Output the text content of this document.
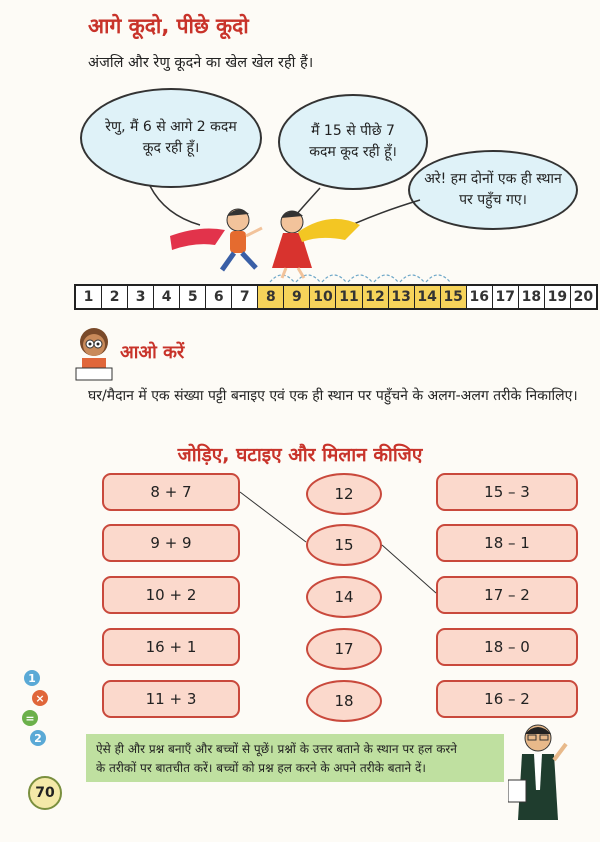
आगे कूदो, पीछे कूदो
अंजलि और रेणु कूदने का खेल खेल रही हैं।
रेणु, मैं 6 से आगे 2 कदम कूद रही हूँ।
मैं 15 से पीछे 7 कदम कूद रही हूँ।
अरे! हम दोनों एक ही स्थान पर पहुँच गए।
1	2	3	4	5	6	7	8	9 10 11 12 13 14 15 16 17 18 19 20
आओ करें
घर/मैदान में एक संख्या पट्टी बनाइए एवं एक ही स्थान पर पहुँचने के अलग-अलग तरीके निकालिए।
जोड़िए, घटाइए और मिलान कीजिए
8 + 7
9 + 9
10 + 2
16 + 1
11 + 3
12
15
14
17
18
15 – 3
18 – 1
17 – 2
18 – 0
16 – 2
1
×
=
2
ऐसे ही और प्रश्न बनाएँ और बच्चों से पूछें। प्रश्नों के उत्तर बताने के स्थान पर हल करने
के तरीकों पर बातचीत करें। बच्चों को प्रश्न हल करने के अपने तरीके बताने दें।
70
